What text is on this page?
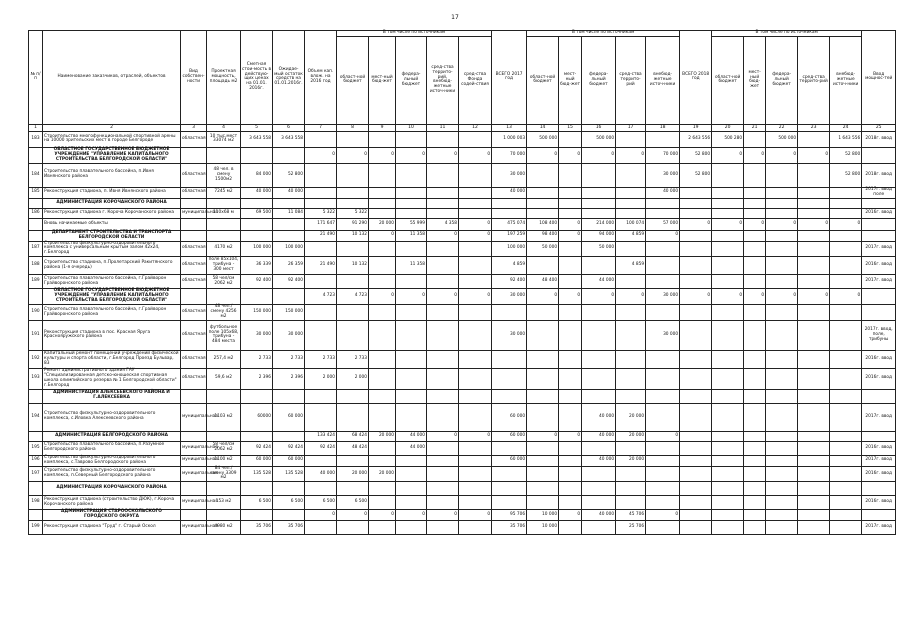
17
№ п/п	Наименование заказчиков, отраслей, объектов	Вид собствен-ности	Проектная мощность, площадь м2	Сметная стои-мость в действую-щих ценах на 01.01. 2016г.	Ожидае-мый остаток средств на 01.01.2016г.	Объем кап. влож. на 2016 год	В том числе по источникам					ВСЕГО 2017 год	В том числе по источникам					ВСЕГО 2018 год	В том числе по источникам					Ввод мощнос-тей
							област-ной бюджет	мест-ный бюд-жет	федера-льный бюджет	сред-ства террито-рий, внебюд-жетные источ-ники	сред-ства Фонда содей-ствия		област-ной бюджет	мест-ный бюд-жет	федера-льный бюджет	сред-ства террито-рий	внебюд-жетные источ-ники		област-ной бюджет	мест-ный бюд-жет	федера-льный бюджет	сред-ства террито-рий	внебюд-жетные источ-ники	
1	2	3	4	5	6	7	8	9	10	11	12	13	14	15	16	17	18	19	20	21	22	23	24	25
183	Строительство многофункциональной спортивной арены на 10000 зрительских мест в городе Белгороде	областная	10 тыс.мест 33074 м2	3 643 558	3 643 558							1 000 003	500 000		500 000			2 643 556	500 280		500 000		1 643 556	2018г. ввод
	ОБЛАСТНОЕ ГОСУДАРСТВЕННОЕ БЮДЖЕТНОЕ УЧРЕЖДЕНИЕ "УПРАВЛЕНИЕ КАПИТАЛЬНОГО СТРОИТЕЛЬСТВА БЕЛГОРОДСКОЙ ОБЛАСТИ"					0	0	0	0	0	0	70 000	0	0	0	0	70 000	52 800	0	0	0	0	52 800	
184	Строительство плавательного бассейна, п.Ивня Ивнянского района	областная	48 чел. в смену 1500м2	84 000	52 800							30 000					30 000	52 800					52 800	2018г. ввод
185	Реконструкция стадиона, п. Ивня Ивнянского района	областная	7245 м2	40 000	40 000							40 000					40 000							2017г. ввод поле
	АДМИНИСТРАЦИЯ КОРОЧАНСКОГО РАЙОНА																							
186	Реконструкция стадиона г. Короча Корочанского района	муниципальная	110х68 м	69 500	11 084	5 322	5 322																	2016г. ввод
	Вновь начинаемые объекты					171 647	91 290	20 000	55 999	4 358	0	475 074	108 400	0	214 000	100 074	57 000	0	0	0	0	0	0	
	ДЕПАРТАМЕНТ СТРОИТЕЛЬСТВА И ТРАНСПОРТА БЕЛГОРОДСКОЙ ОБЛАСТИ					21 490	10 132	0	11 358	0	0	197 259	98 400	0	94 000	4 859	0							
187	Строительство физкультурно-оздоровительного комплекса с универсальным крытым залом 42х24, г.Белгород	областная	4170 м2	100 000	100 000							100 000	50 000		50 000									2017г. ввод
188	Строительство стадиона, п.Пролетарский Ракитянского района (1-я очередь)	областная	поле 85х104, трибуна - 300 мест	36 339	26 359	21 490	10 132		11 358			4 859				4 859								2016г. ввод
189	Строительство плавательного бассейна, г.Грайворон Грайворонского района	областная	58 чел/см 2062 м2	92 400	92 400							92 400	48 400		44 000									2017г. ввод
	ОБЛАСТНОЕ ГОСУДАРСТВЕННОЕ БЮДЖЕТНОЕ УЧРЕЖДЕНИЕ "УПРАВЛЕНИЕ КАПИТАЛЬНОГО СТРОИТЕЛЬСТВА БЕЛГОРОДСКОЙ ОБЛАСТИ"					4 723	4 723	0	0	0	0	30 000	0	0	0	0	30 000	0	0	0	0	0	0	
190	Строительство плавательного бассейна, г.Грайворон Грайворонского района	областная	48 чел./смену 4256 м2	150 000	150 000																			
191	Реконструкция стадиона в пос. Красная Яруга Краснояружского района	областная	футбольное поле 105х68, трибуна - 484 места	30 000	30 000							30 000					30 000							2017г. ввод, поле, трибуны
192	Капитальный ремонт помещений учреждений физической культуры и спорта области, г.Белгород Проезд Бульвар, 83	областная	257,4 м2	2 733	2 733	2 733	2 733																	2016г. ввод
193	Ремонт административного здания ГАУ "Специализированная детско-юношеская спортивная школа олимпийского резерва № 1 Белгородской области" г.Белгород	областная	59,6 м2	2 396	2 396	2 000	2 000																	2016г. ввод
	АДМИНИСТРАЦИЯ АЛЕКСЕЕВСКОГО РАЙОНА И Г.АЛЕКСЕЕВКА																							
194	Строительство физкультурно-оздоровительного комплекса, с.Иловка Алексеевского района	муниципальная	1103 м2	60000	60 000							60 000			40 000	20 000								2017г. ввод
	АДМИНИСТРАЦИЯ БЕЛГОРОДСКОГО РАЙОНА					133 424	68 424	20 000	44 000	0	0	60 000	0	0	40 000	20 000	0							
195	Строительство плавательного бассейна, п.Разумное Белгородского района	муниципальная	58 чел/см 2062 м2	92 424	92 424	92 424	48 424		44 000															2016г. ввод
196	Строительство физкультурно-оздоровительного комплекса, с.Таврово Белгородского района	муниципальная	1100 м2	60 000	60 000							60 000			40 000	20 000								2017г. ввод
197	Строительство физкультурно-оздоровительного комплекса, п.Северный Белгородского района	муниципальная	84 чел./смену 3309 м2	135 528	135 528	40 000	20 000	20 000																2016г. ввод
	АДМИНИСТРАЦИЯ КОРОЧАНСКОГО РАЙОНА																							
198	Реконструкция стадиона (строительство ДЮК), г.Короча Корочанского района	муниципальная	153 м2	6 500	6 500	6 500	6 500																	2016г. ввод
	АДМИНИСТРАЦИЯ СТАРООСКОЛЬСКОГО ГОРОДСКОГО ОКРУГА					0	0	0	0	0	0	95 706	10 000	0	40 000	45 706	0							
199	Реконструкция стадиона "Труд" г. Старый Оскол	муниципальная	4980 м2	35 706	35 706							35 706	10 000			25 706								2017г. ввод
